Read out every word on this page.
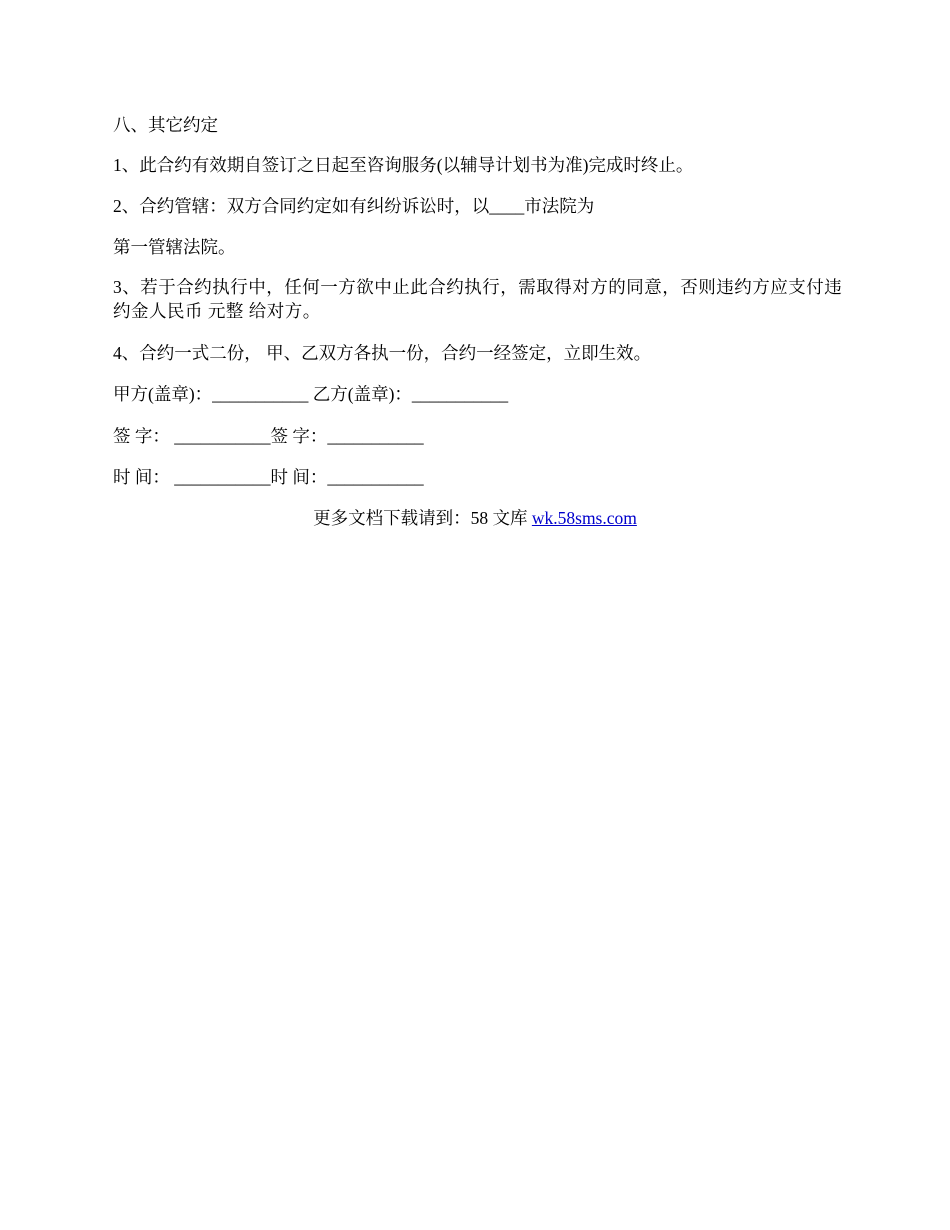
八、其它约定
1、此合约有效期自签订之日起至咨询服务(以辅导计划书为准)完成时终止。
2、合约管辖：双方合同约定如有纠纷诉讼时，以____市法院为
第一管辖法院。
3、若于合约执行中，任何一方欲中止此合约执行，需取得对方的同意，否则违约方应支付违约金人民币 元整 给对方。
4、合约一式二份， 甲、乙双方各执一份，合约一经签定，立即生效。
甲方(盖章)：___________ 乙方(盖章)：___________
签 字： ___________签 字：___________
时 间： ___________时 间：___________
更多文档下载请到：58 文库 wk.58sms.com
